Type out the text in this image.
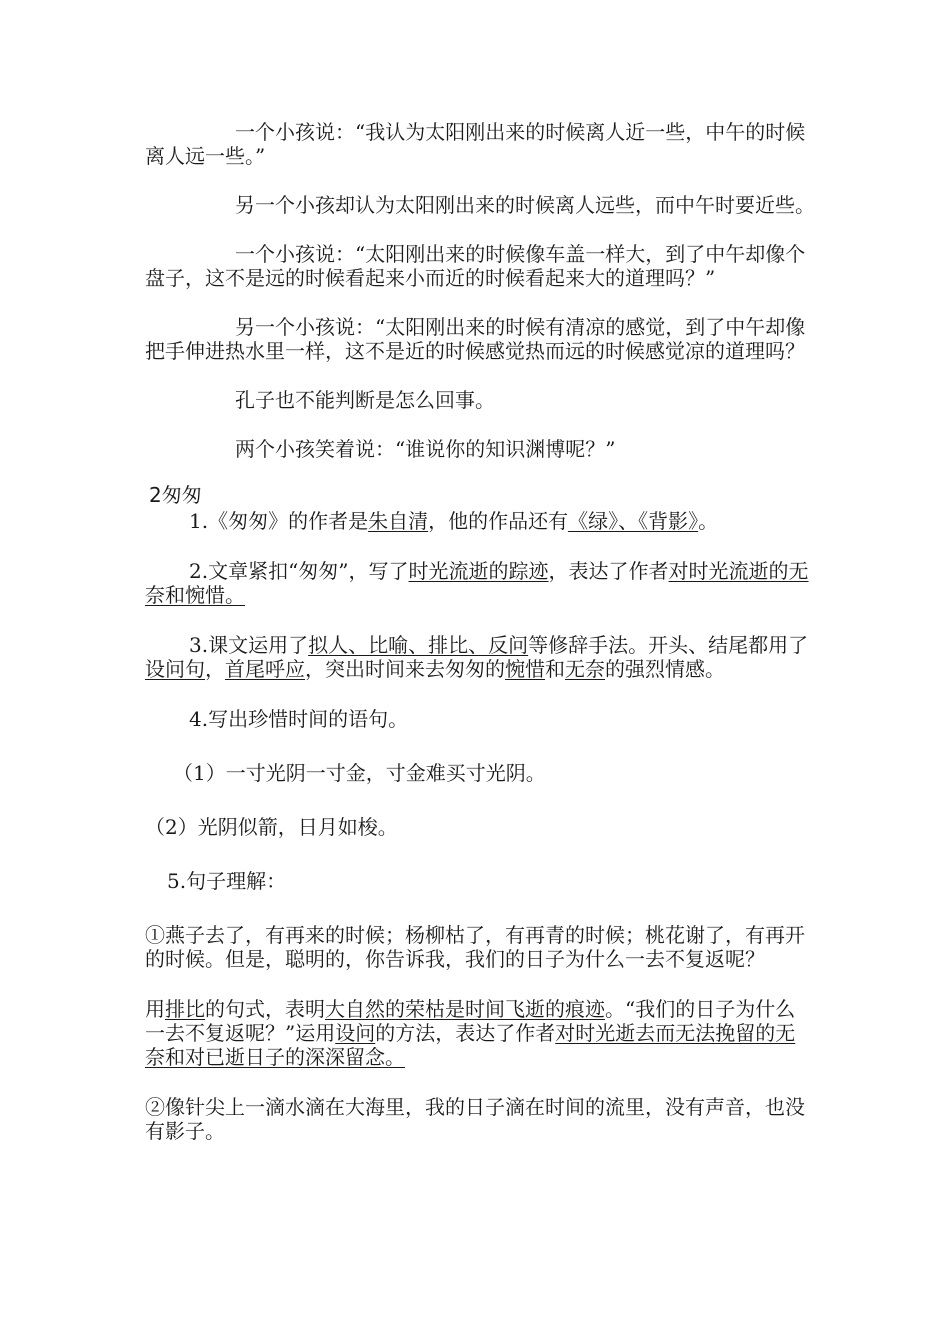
一个小孩说：“我认为太阳刚出来的时候离人近一些，中午的时候离人远一些。”

另一个小孩却认为太阳刚出来的时候离人远些，而中午时要近些。

一个小孩说：“太阳刚出来的时候像车盖一样大，到了中午却像个盘子，这不是远的时候看起来小而近的时候看起来大的道理吗？”

另一个小孩说：“太阳刚出来的时候有清凉的感觉，到了中午却像把手伸进热水里一样，这不是近的时候感觉热而远的时候感觉凉的道理吗？

孔子也不能判断是怎么回事。

两个小孩笑着说：“谁说你的知识渊博呢？”

2匆匆

1.《匆匆》的作者是朱自清，他的作品还有《绿》、《背影》。

2.文章紧扣“匆匆”，写了时光流逝的踪迹，表达了作者对时光流逝的无奈和惋惜。

3.课文运用了拟人、比喻、排比、反问等修辞手法。开头、结尾都用了设问句，首尾呼应，突出时间来去匆匆的惋惜和无奈的强烈情感。

4.写出珍惜时间的语句。

（1）一寸光阴一寸金，寸金难买寸光阴。

（2）光阴似箭，日月如梭。

5.句子理解：

①燕子去了，有再来的时候；杨柳枯了，有再青的时候；桃花谢了，有再开的时候。但是，聪明的，你告诉我，我们的日子为什么一去不复返呢？

用排比的句式，表明大自然的荣枯是时间飞逝的痕迹。“我们的日子为什么一去不复返呢？”运用设问的方法，表达了作者对时光逝去而无法挽留的无奈和对已逝日子的深深留念。

②像针尖上一滴水滴在大海里，我的日子滴在时间的流里，没有声音，也没有影子。
